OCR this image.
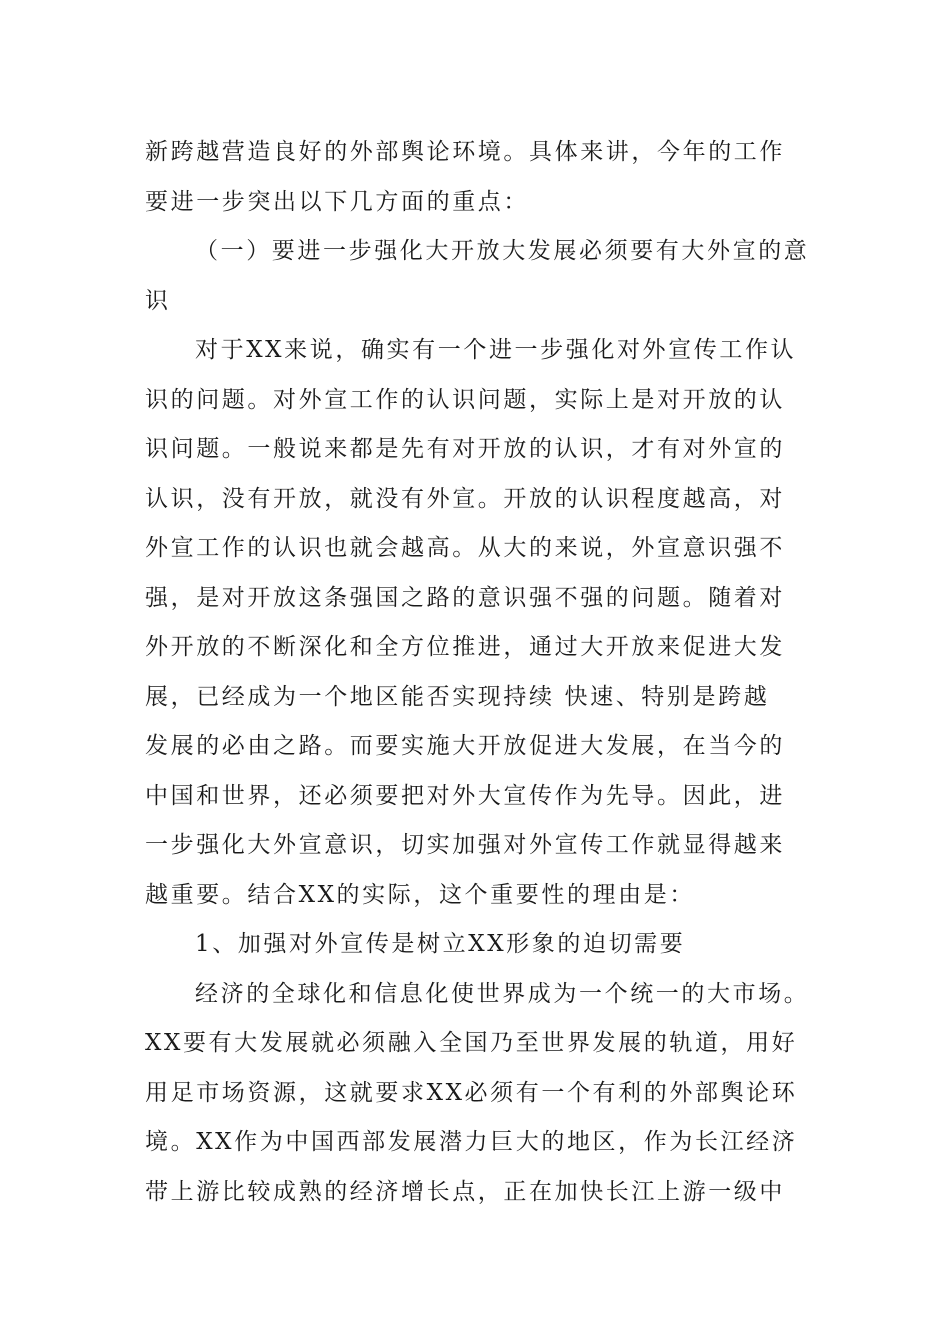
新跨越营造良好的外部舆论环境。具体来讲，今年的工作
要进一步突出以下几方面的重点：
（一）要进一步强化大开放大发展必须要有大外宣的意
识
对于XX来说，确实有一个进一步强化对外宣传工作认
识的问题。对外宣工作的认识问题，实际上是对开放的认
识问题。一般说来都是先有对开放的认识，才有对外宣的
认识，没有开放，就没有外宣。开放的认识程度越高，对
外宣工作的认识也就会越高。从大的来说，外宣意识强不
强，是对开放这条强国之路的意识强不强的问题。随着对
外开放的不断深化和全方位推进，通过大开放来促进大发
展，已经成为一个地区能否实现持续 快速、特别是跨越
发展的必由之路。而要实施大开放促进大发展，在当今的
中国和世界，还必须要把对外大宣传作为先导。因此，进
一步强化大外宣意识，切实加强对外宣传工作就显得越来
越重要。结合XX的实际，这个重要性的理由是：
1、加强对外宣传是树立XX形象的迫切需要
经济的全球化和信息化使世界成为一个统一的大市场。
XX要有大发展就必须融入全国乃至世界发展的轨道，用好
用足市场资源，这就要求XX必须有一个有利的外部舆论环
境。XX作为中国西部发展潜力巨大的地区，作为长江经济
带上游比较成熟的经济增长点，正在加快长江上游一级中
